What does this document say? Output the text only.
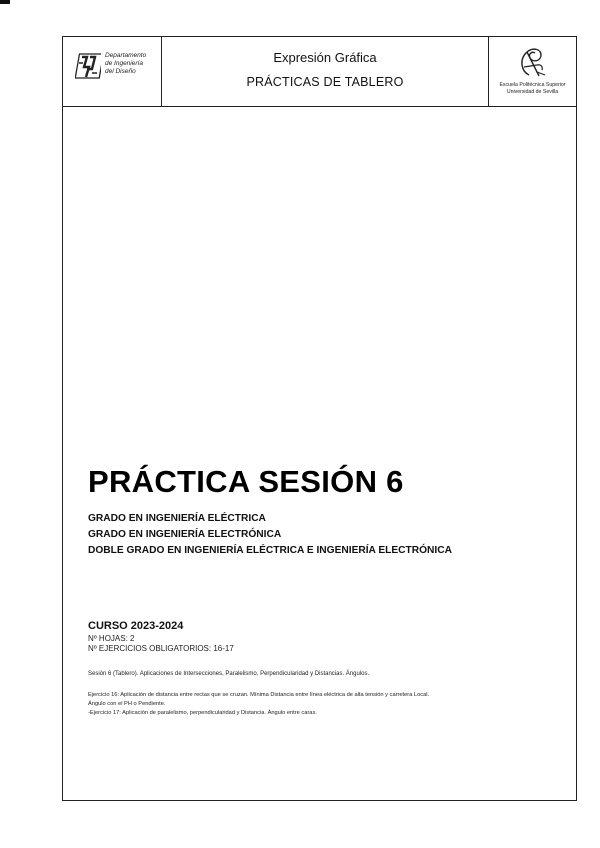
Departamento
de Ingeniería
del Diseño
Expresión Gráfica
PRÁCTICAS DE TABLERO	Escuela Politécnica Superior
Universidad de Sevilla
PRÁCTICA SESIÓN 6
GRADO EN INGENIERÍA ELÉCTRICA
GRADO EN INGENIERÍA ELECTRÓNICA
DOBLE GRADO EN INGENIERÍA ELÉCTRICA E INGENIERÍA ELECTRÓNICA
CURSO 2023-2024
Nº HOJAS: 2
Nº EJERCICIOS OBLIGATORIOS: 16-17
Sesión 6 (Tablero). Aplicaciones de Intersecciones, Paralelismo, Perpendicularidad y Distancias. Ángulos.
Ejercicio 16: Aplicación de distancia entre rectas que se cruzan. Mínima Distancia entre línea eléctrica de alta tensión y carretera Local.
Ángulo con el PH o Pendiente.
-Ejercicio 17: Aplicación de paralelismo, perpendicularidad y Distancia. Ángulo entre caras.
